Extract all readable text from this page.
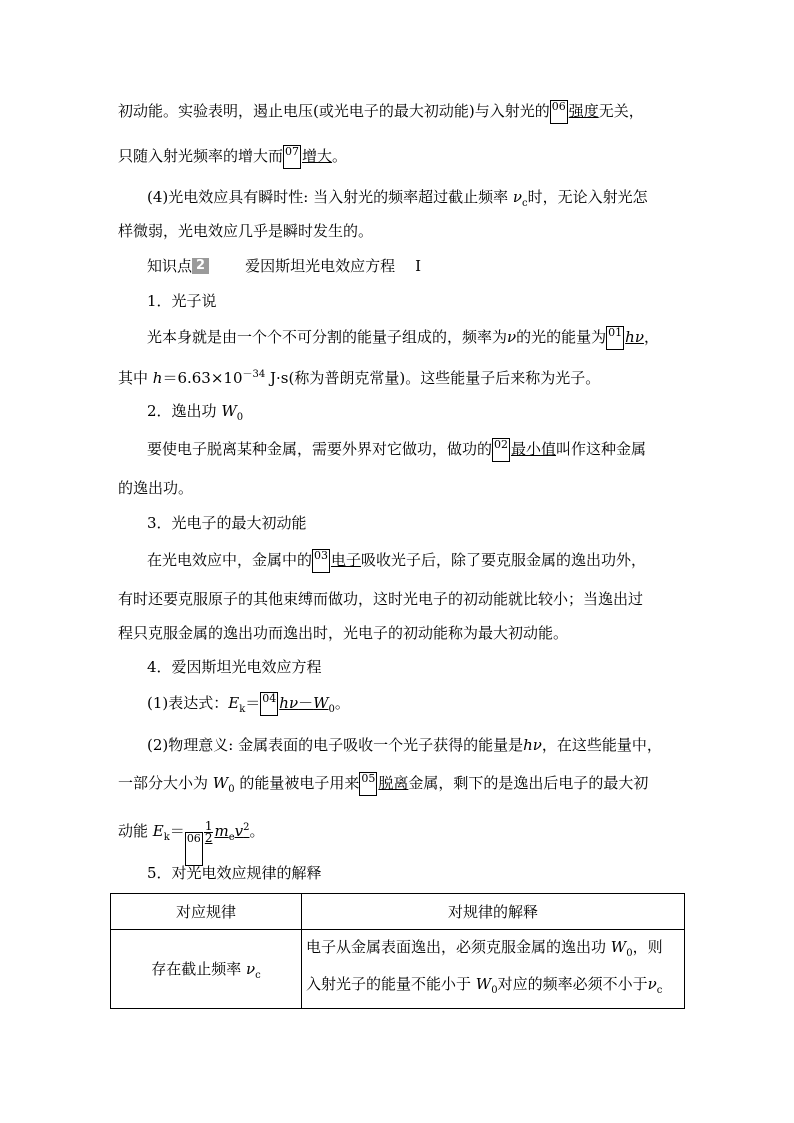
初动能。实验表明，遏止电压(或光电子的最大初动能)与入射光的 06 强度无关，
只随入射光频率的增大而 07 增大。
(4)光电效应具有瞬时性: 当入射光的频率超过截止频率 $\nu_c$时，无论入射光怎
样微弱，光电效应几乎是瞬时发生的。
知识点 2	爱因斯坦光电效应方程 Ⅰ
1．光子说
光本身就是由一个个不可分割的能量子组成的，频率为ν的光的能量为 01 hν，
其中 $h=6.63\times 10^{-34}$ J·s(称为普朗克常量)。这些能量子后来称为光子。
2．逸出功 $W_0$
要使电子脱离某种金属，需要外界对它做功，做功的 02 最小值叫作这种金属
的逸出功。
3．光电子的最大初动能
在光电效应中，金属中的 03 电子吸收光子后，除了要克服金属的逸出功外，
有时还要克服原子的其他束缚而做功，这时光电子的初动能就比较小；当逸出过
程只克服金属的逸出功而逸出时，光电子的初动能称为最大初动能。
4．爱因斯坦光电效应方程
(1)表达式：$E_k= 04$ $h\nu-W_0$。
(2)物理意义: 金属表面的电子吸收一个光子获得的能量是hν，在这些能量中，
一部分大小为 $W_0$ 的能量被电子用来 05 脱离金属，剩下的是逸出后电子的最大初
动能 $E_k= 06 \frac{1}{2} m_ev^2$。
5．对光电效应规律的解释
对应规律	对规律的解释
存在截止频率 $\nu_c$	电子从金属表面逸出，必须克服金属的逸出功 $W_0$，则
入射光子的能量不能小于 $W_0$对应的频率必须不小于$\nu_c$
